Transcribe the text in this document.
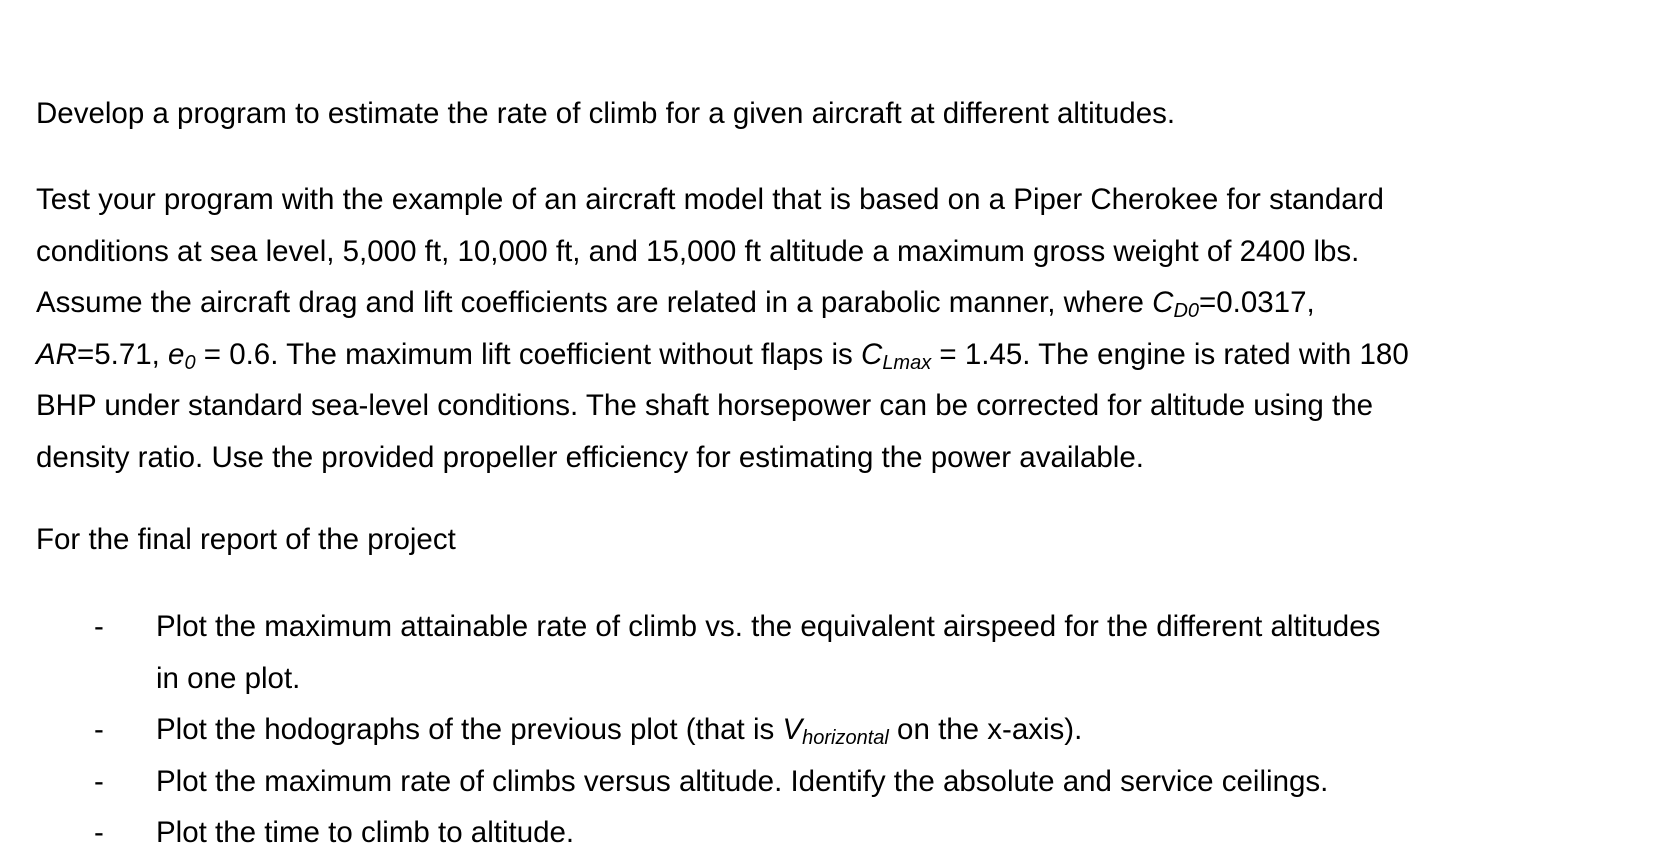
Develop a program to estimate the rate of climb for a given aircraft at different altitudes.

Test your program with the example of an aircraft model that is based on a Piper Cherokee for standard
conditions at sea level, 5,000 ft, 10,000 ft, and 15,000 ft altitude a maximum gross weight of 2400 lbs.
Assume the aircraft drag and lift coefficients are related in a parabolic manner, where $C_{D0}=0.0317$,
AR=5.71, $e_0 = 0.6$. The maximum lift coefficient without flaps is $C_{Lmax} = 1.45$. The engine is rated with 180
BHP under standard sea-level conditions. The shaft horsepower can be corrected for altitude using the
density ratio. Use the provided propeller efficiency for estimating the power available.

For the final report of the project

-	Plot the maximum attainable rate of climb vs. the equivalent airspeed for the different altitudes
in one plot.
-	Plot the hodographs of the previous plot (that is $V_{horizontal}$ on the x-axis).
-	Plot the maximum rate of climbs versus altitude. Identify the absolute and service ceilings.
-	Plot the time to climb to altitude.
